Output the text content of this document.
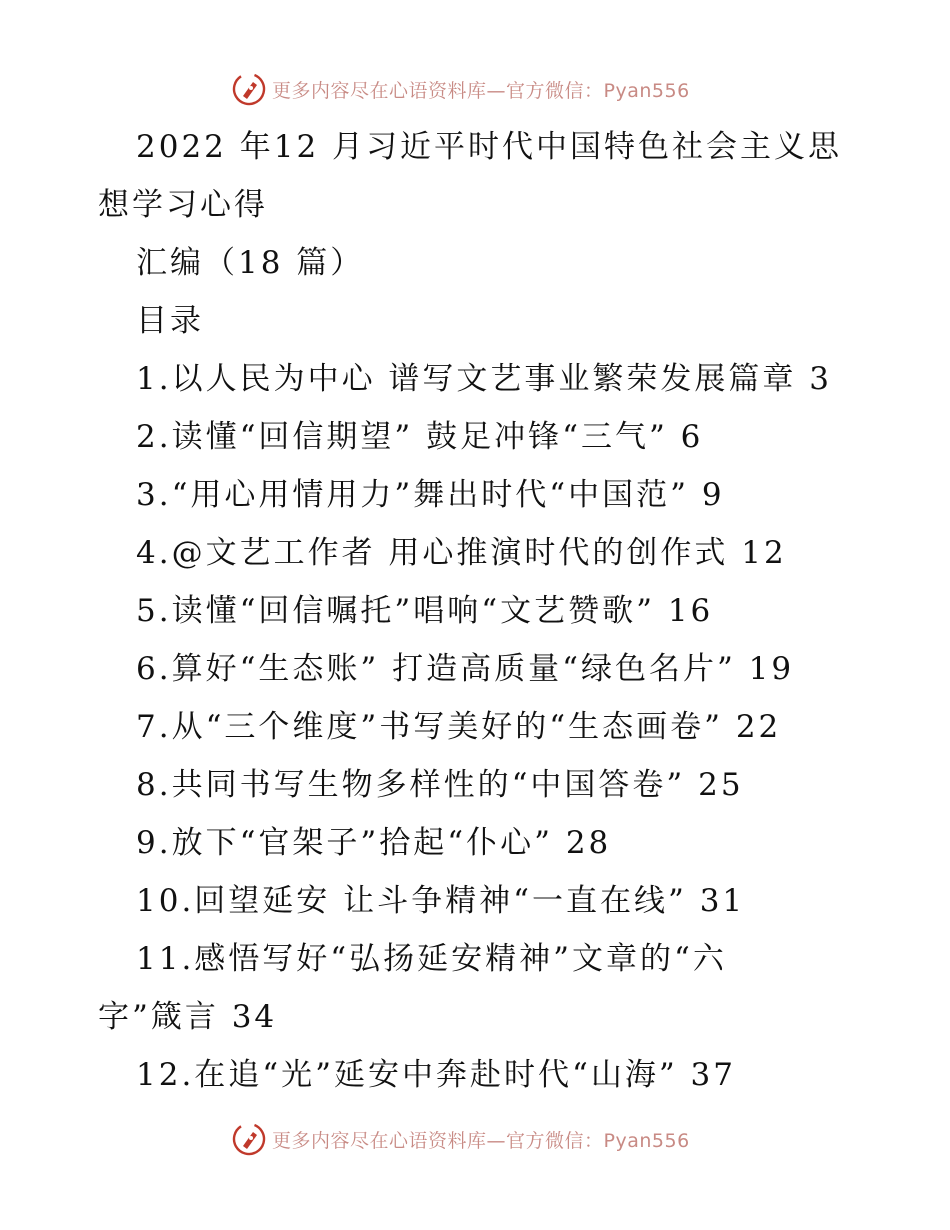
更多内容尽在心语资料库—官方微信：Pyan556
2022 年12 月习近平时代中国特色社会主义思
想学习心得
汇编（18 篇）
目录
1.以人民为中心 谱写文艺事业繁荣发展篇章 3
2.读懂“回信期望” 鼓足冲锋“三气” 6
3.“用心用情用力”舞出时代“中国范” 9
4.@文艺工作者 用心推演时代的创作式 12
5.读懂“回信嘱托”唱响“文艺赞歌” 16
6.算好“生态账” 打造高质量“绿色名片” 19
7.从“三个维度”书写美好的“生态画卷” 22
8.共同书写生物多样性的“中国答卷” 25
9.放下“官架子”拾起“仆心” 28
10.回望延安 让斗争精神“一直在线” 31
11.感悟写好“弘扬延安精神”文章的“六
字”箴言 34
12.在追“光”延安中奔赴时代“山海” 37
更多内容尽在心语资料库—官方微信：Pyan556
